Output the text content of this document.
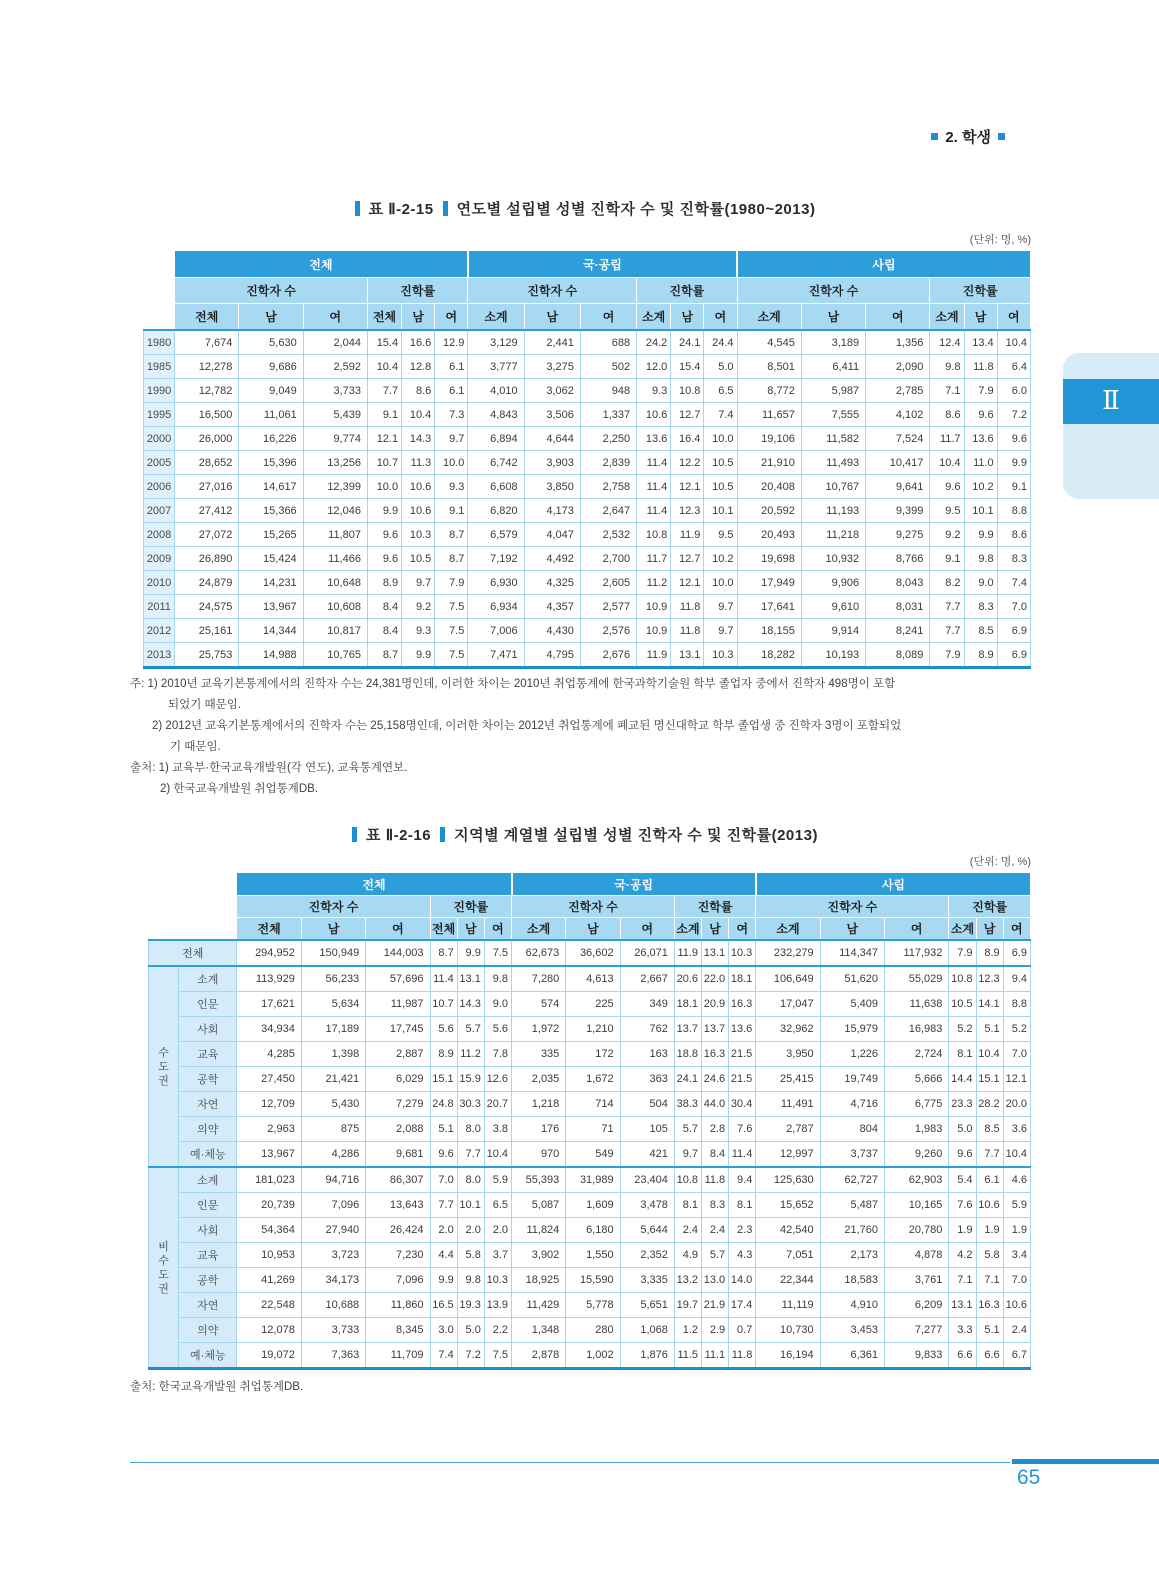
2. 학생
표 Ⅱ-2-15 연도별 설립별 성별 진학자 수 및 진학률(1980~2013)
(단위: 명, %)
	전체						국·공립						사립					
	진학자 수			진학률			진학자 수			진학률			진학자 수			진학률		
	전체	남	여	전체	남	여	소계	남	여	소계	남	여	소계	남	여	소계	남	여
1980	7,674	5,630	2,044	15.4	16.6	12.9	3,129	2,441	688	24.2	24.1	24.4	4,545	3,189	1,356	12.4	13.4	10.4
1985	12,278	9,686	2,592	10.4	12.8	6.1	3,777	3,275	502	12.0	15.4	5.0	8,501	6,411	2,090	9.8	11.8	6.4
1990	12,782	9,049	3,733	7.7	8.6	6.1	4,010	3,062	948	9.3	10.8	6.5	8,772	5,987	2,785	7.1	7.9	6.0
1995	16,500	11,061	5,439	9.1	10.4	7.3	4,843	3,506	1,337	10.6	12.7	7.4	11,657	7,555	4,102	8.6	9.6	7.2
2000	26,000	16,226	9,774	12.1	14.3	9.7	6,894	4,644	2,250	13.6	16.4	10.0	19,106	11,582	7,524	11.7	13.6	9.6
2005	28,652	15,396	13,256	10.7	11.3	10.0	6,742	3,903	2,839	11.4	12.2	10.5	21,910	11,493	10,417	10.4	11.0	9.9
2006	27,016	14,617	12,399	10.0	10.6	9.3	6,608	3,850	2,758	11.4	12.1	10.5	20,408	10,767	9,641	9.6	10.2	9.1
2007	27,412	15,366	12,046	9.9	10.6	9.1	6,820	4,173	2,647	11.4	12.3	10.1	20,592	11,193	9,399	9.5	10.1	8.8
2008	27,072	15,265	11,807	9.6	10.3	8.7	6,579	4,047	2,532	10.8	11.9	9.5	20,493	11,218	9,275	9.2	9.9	8.6
2009	26,890	15,424	11,466	9.6	10.5	8.7	7,192	4,492	2,700	11.7	12.7	10.2	19,698	10,932	8,766	9.1	9.8	8.3
2010	24,879	14,231	10,648	8.9	9.7	7.9	6,930	4,325	2,605	11.2	12.1	10.0	17,949	9,906	8,043	8.2	9.0	7.4
2011	24,575	13,967	10,608	8.4	9.2	7.5	6,934	4,357	2,577	10.9	11.8	9.7	17,641	9,610	8,031	7.7	8.3	7.0
2012	25,161	14,344	10,817	8.4	9.3	7.5	7,006	4,430	2,576	10.9	11.8	9.7	18,155	9,914	8,241	7.7	8.5	6.9
2013	25,753	14,988	10,765	8.7	9.9	7.5	7,471	4,795	2,676	11.9	13.1	10.3	18,282	10,193	8,089	7.9	8.9	6.9
주: 1) 2010년 교육기본통계에서의 진학자 수는 24,381명인데, 이러한 차이는 2010년 취업통계에 한국과학기술원 학부 졸업자 중에서 진학자 498명이 포함
되었기 때문임.
2) 2012년 교육기본통계에서의 진학자 수는 25,158명인데, 이러한 차이는 2012년 취업통계에 폐교된 명신대학교 학부 졸업생 중 진학자 3명이 포함되었
기 때문임.
출처: 1) 교육부·한국교육개발원(각 연도), 교육통계연보.
2) 한국교육개발원 취업통계DB.
표 Ⅱ-2-16 지역별 계열별 설립별 성별 진학자 수 및 진학률(2013)
(단위: 명, %)
		전체						국·공립						사립					
		진학자 수			진학률			진학자 수			진학률			진학자 수			진학률		
		전체	남	여	전체	남	여	소계	남	여	소계	남	여	소계	남	여	소계	남	여
전체		294,952	150,949	144,003	8.7	9.9	7.5	62,673	36,602	26,071	11.9	13.1	10.3	232,279	114,347	117,932	7.9	8.9	6.9

수
도
권	소계	113,929	56,233	57,696	11.4	13.1	9.8	7,280	4,613	2,667	20.6	22.0	18.1	106,649	51,620	55,029	10.8	12.3	9.4
	인문	17,621	5,634	11,987	10.7	14.3	9.0	574	225	349	18.1	20.9	16.3	17,047	5,409	11,638	10.5	14.1	8.8
	사회	34,934	17,189	17,745	5.6	5.7	5.6	1,972	1,210	762	13.7	13.7	13.6	32,962	15,979	16,983	5.2	5.1	5.2
	교육	4,285	1,398	2,887	8.9	11.2	7.8	335	172	163	18.8	16.3	21.5	3,950	1,226	2,724	8.1	10.4	7.0
	공학	27,450	21,421	6,029	15.1	15.9	12.6	2,035	1,672	363	24.1	24.6	21.5	25,415	19,749	5,666	14.4	15.1	12.1
	자연	12,709	5,430	7,279	24.8	30.3	20.7	1,218	714	504	38.3	44.0	30.4	11,491	4,716	6,775	23.3	28.2	20.0
	의약	2,963	875	2,088	5.1	8.0	3.8	176	71	105	5.7	2.8	7.6	2,787	804	1,983	5.0	8.5	3.6
	예·체능	13,967	4,286	9,681	9.6	7.7	10.4	970	549	421	9.7	8.4	11.4	12,997	3,737	9,260	9.6	7.7	10.4

비
수
도
권	소계	181,023	94,716	86,307	7.0	8.0	5.9	55,393	31,989	23,404	10.8	11.8	9.4	125,630	62,727	62,903	5.4	6.1	4.6
	인문	20,739	7,096	13,643	7.7	10.1	6.5	5,087	1,609	3,478	8.1	8.3	8.1	15,652	5,487	10,165	7.6	10.6	5.9
	사회	54,364	27,940	26,424	2.0	2.0	2.0	11,824	6,180	5,644	2.4	2.4	2.3	42,540	21,760	20,780	1.9	1.9	1.9
	교육	10,953	3,723	7,230	4.4	5.8	3.7	3,902	1,550	2,352	4.9	5.7	4.3	7,051	2,173	4,878	4.2	5.8	3.4
	공학	41,269	34,173	7,096	9.9	9.8	10.3	18,925	15,590	3,335	13.2	13.0	14.0	22,344	18,583	3,761	7.1	7.1	7.0
	자연	22,548	10,688	11,860	16.5	19.3	13.9	11,429	5,778	5,651	19.7	21.9	17.4	11,119	4,910	6,209	13.1	16.3	10.6
	의약	12,078	3,733	8,345	3.0	5.0	2.2	1,348	280	1,068	1.2	2.9	0.7	10,730	3,453	7,277	3.3	5.1	2.4
	예·체능	19,072	7,363	11,709	7.4	7.2	7.5	2,878	1,002	1,876	11.5	11.1	11.8	16,194	6,361	9,833	6.6	6.6	6.7
출처: 한국교육개발원 취업통계DB.
Ⅱ
65
